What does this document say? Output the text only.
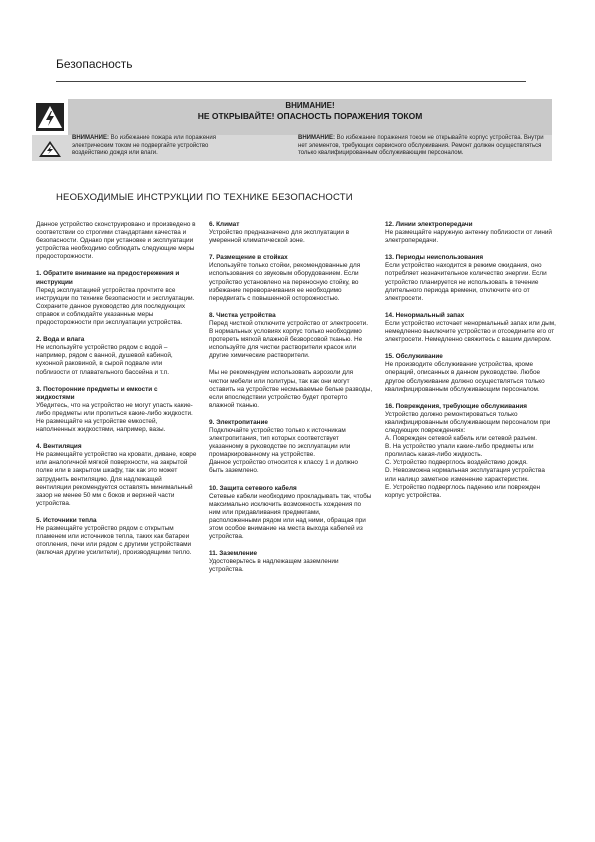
Безопасность
ВНИМАНИЕ!
НЕ ОТКРЫВАЙТЕ! ОПАСНОСТЬ ПОРАЖЕНИЯ ТОКОМ
ВНИМАНИЕ: Во избежание пожара или поражения электрическим током не подвергайте устройство воздействию дождя или влаги.
ВНИМАНИЕ: Во избежание поражения током не открывайте корпус устройства. Внутри нет элементов, требующих сервисного обслуживания. Ремонт должен осуществляться только квалифицированным обслуживающим персоналом.
НЕОБХОДИМЫЕ ИНСТРУКЦИИ ПО ТЕХНИКЕ БЕЗОПАСНОСТИ

Данное устройство сконструировано и произведено в соответствии со строгими стандартами качества и безопасности. Однако при установке и эксплуатации устройства необходимо соблюдать следующие меры предосторожности.

1. Обратите внимание на предостережения и инструкции
Перед эксплуатацией устройства прочтите все инструкции по технике безопасности и эксплуатации. Сохраните данное руководство для последующих справок и соблюдайте указанные меры предосторожности при эксплуатации устройства.
2. Вода и влага
Не используйте устройство рядом с водой – например, рядом с ванной, душевой кабиной, кухонной раковиной, в сырой подвале или поблизости от плавательного бассейна и т.п.
3. Посторонние предметы и емкости с жидкостями
Убедитесь, что на устройство не могут упасть какие-либо предметы или пролиться какие-либо жидкости. Не размещайте на устройстве емкостей, наполненных жидкостями, например, вазы.
4. Вентиляция
Не размещайте устройство на кровати, диване, ковре или аналогичной мягкой поверхности, на закрытой полке или в закрытом шкафу, так как это может затруднить вентиляцию. Для надлежащей вентиляции рекомендуется оставлять минимальный зазор не менее 50 мм с боков и верхней части устройства.
5. Источники тепла
Не размещайте устройство рядом с открытым пламенем или источников тепла, таких как батареи отопления, печи или рядом с другими устройствами (включая другие усилители), производящими тепло.
6. Климат
Устройство предназначено для эксплуатации в умеренной климатической зоне.
7. Размещение в стойках
Используйте только стойки, рекомендованные для использования со звуковым оборудованием. Если устройство установлено на переносную стойку, во избежание переворачивания ее необходимо передвигать с повышенной осторожностью.
8. Чистка устройства
Перед чисткой отключите устройство от электросети.
В нормальных условиях корпус только необходимо протереть мягкой влажной безворсовой тканью. Не используйте для чистки растворители красок или другие химические растворители.

Мы не рекомендуем использовать аэрозоли для чистки мебели или политуры, так как они могут оставить на устройстве несмываемые белые разводы, если впоследствии устройство будет протерто влажной тканью.

9. Электропитание
Подключайте устройство только к источникам электропитания, тип которых соответствует указанному в руководстве по эксплуатации или промаркированному на устройстве.
Данное устройство относится к классу 1 и должно быть заземлено.
10. Защита сетевого кабеля
Сетевые кабели необходимо прокладывать так, чтобы максимально исключить возможность хождения по ним или придавливания предметами, расположенными рядом или над ними, обращая при этом особое внимание на места выхода кабелей из устройства.
11. Заземление
Удостоверьтесь в надлежащем заземлении устройства.
12. Линии электропередачи
Не размещайте наружную антенну поблизости от линий электропередачи.
13. Периоды неиспользования
Если устройство находится в режиме ожидания, оно потребляет незначительное количество энергии. Если устройство планируется не использовать в течение длительного периода времени, отключите его от электросети.
14. Ненормальный запах
Если устройство источает ненормальный запах или дым, немедленно выключите устройство и отсоедините его от электросети. Немедленно свяжитесь с вашим дилером.
15. Обслуживание
Не производите обслуживание устройства, кроме операций, описанных в данном руководстве. Любое другое обслуживание должно осуществляться только квалифицированным обслуживающим персоналом.
16. Повреждения, требующие обслуживания
Устройство должно ремонтироваться только квалифицированным обслуживающим персоналом при следующих повреждениях:
A. Поврежден сетевой кабель или сетевой разъем.
B. На устройство упали какие-либо предметы или пролилась какая-либо жидкость.
C. Устройство подверглось воздействию дождя.
D. Невозможна нормальная эксплуатация устройства или налицо заметное изменение характеристик.
E. Устройство подверглось падению или поврежден корпус устройства.
